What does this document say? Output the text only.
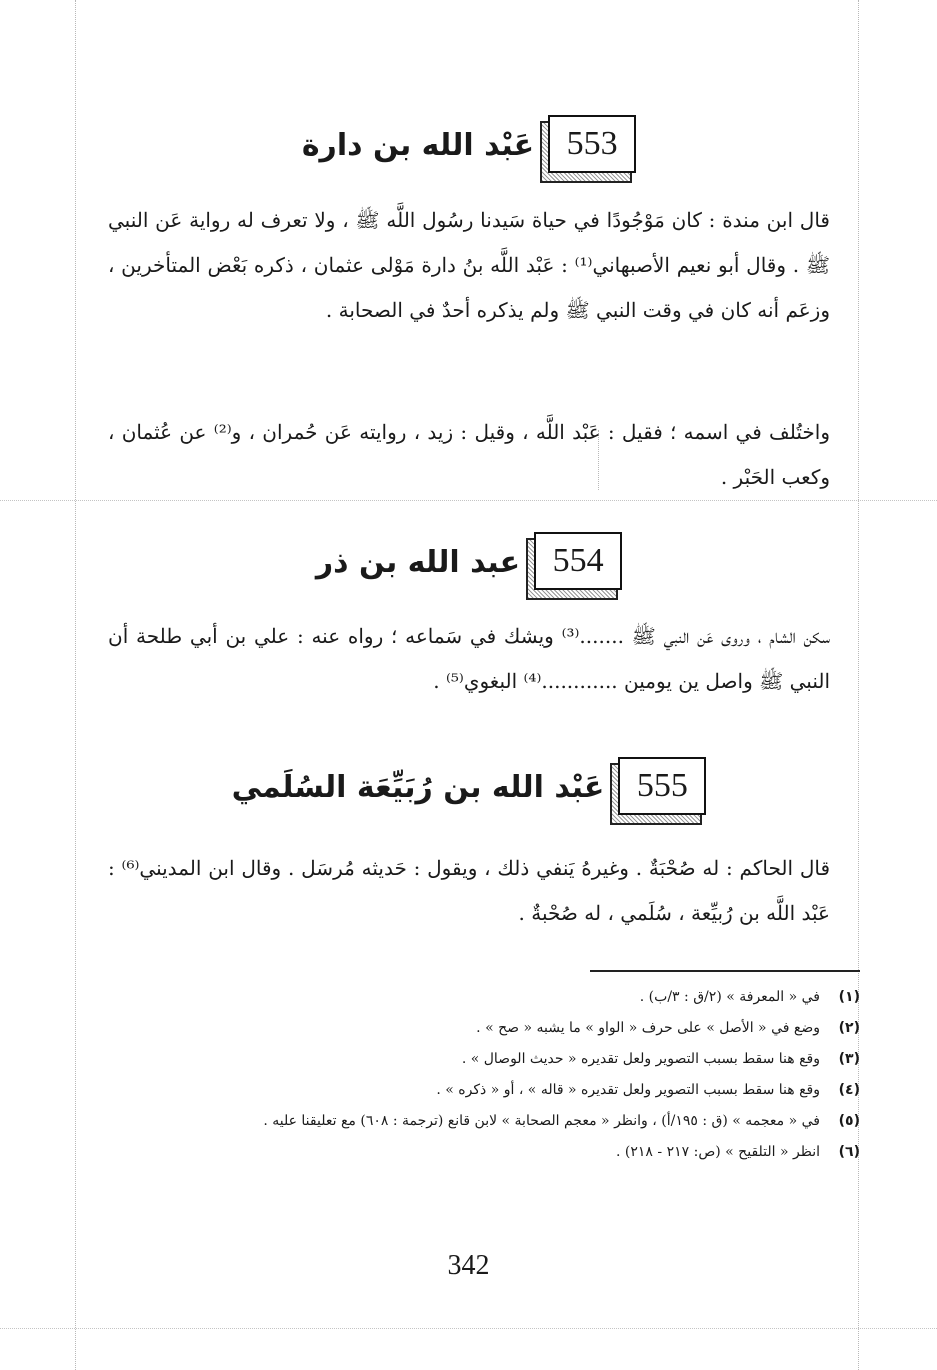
553
عَبْد الله بن دارة

قال ابن مندة : كان مَوْجُودًا في حياة سَيدنا رسُول اللَّه ﷺ ، ولا تعرف له رواية عَن النبي ﷺ . وقال أبو نعيم الأصبهاني⁽¹⁾ : عَبْد اللَّه بنُ دارة مَوْلى عثمان ، ذكره بَعْض المتأخرين ، وزعَم أنه كان في وقت النبي ﷺ ولم يذكره أحدٌ في الصحابة .

واختُلف في اسمه ؛ فقيل : عَبْد اللَّه ، وقيل : زيد ، روايته عَن حُمران ، و⁽²⁾ عن عُثمان ، وكعب الحَبْر .

554
عبد الله بن ذر

سكن الشام ، وروى عَن النبي ﷺ .......⁽³⁾ ويشك في سَماعه ؛ رواه عنه : علي بن أبي طلحة أن النبي ﷺ واصل ين يومين ............⁽⁴⁾ البغوي⁽⁵⁾ .

555
عَبْد الله بن رُبَيِّعَة السُلَمي

قال الحاكم : له صُحْبَةٌ . وغيرهُ يَنفي ذلك ، ويقول : حَديثه مُرسَل . وقال ابن المديني⁽⁶⁾ : عَبْد اللَّه بن رُبيِّعة ، سُلَمي ، له صُحْبةٌ .

(١)
في « المعرفة » (٢/ق : ٣/ب) .
(٢)
وضع في « الأصل » على حرف « الواو » ما يشبه « صح » .
(٣)
وقع هنا سقط بسبب التصوير ولعل تقديره « حديث الوصال » .
(٤)
وقع هنا سقط بسبب التصوير ولعل تقديره « قاله » ، أو « ذكره » .
(٥)
في « معجمه » (ق : ١٩٥/أ) ، وانظر « معجم الصحابة » لابن قانع (ترجمة : ٦٠٨) مع تعليقنا عليه .
(٦)
انظر « التلقيح » (ص: ٢١٧ - ٢١٨) .
342
